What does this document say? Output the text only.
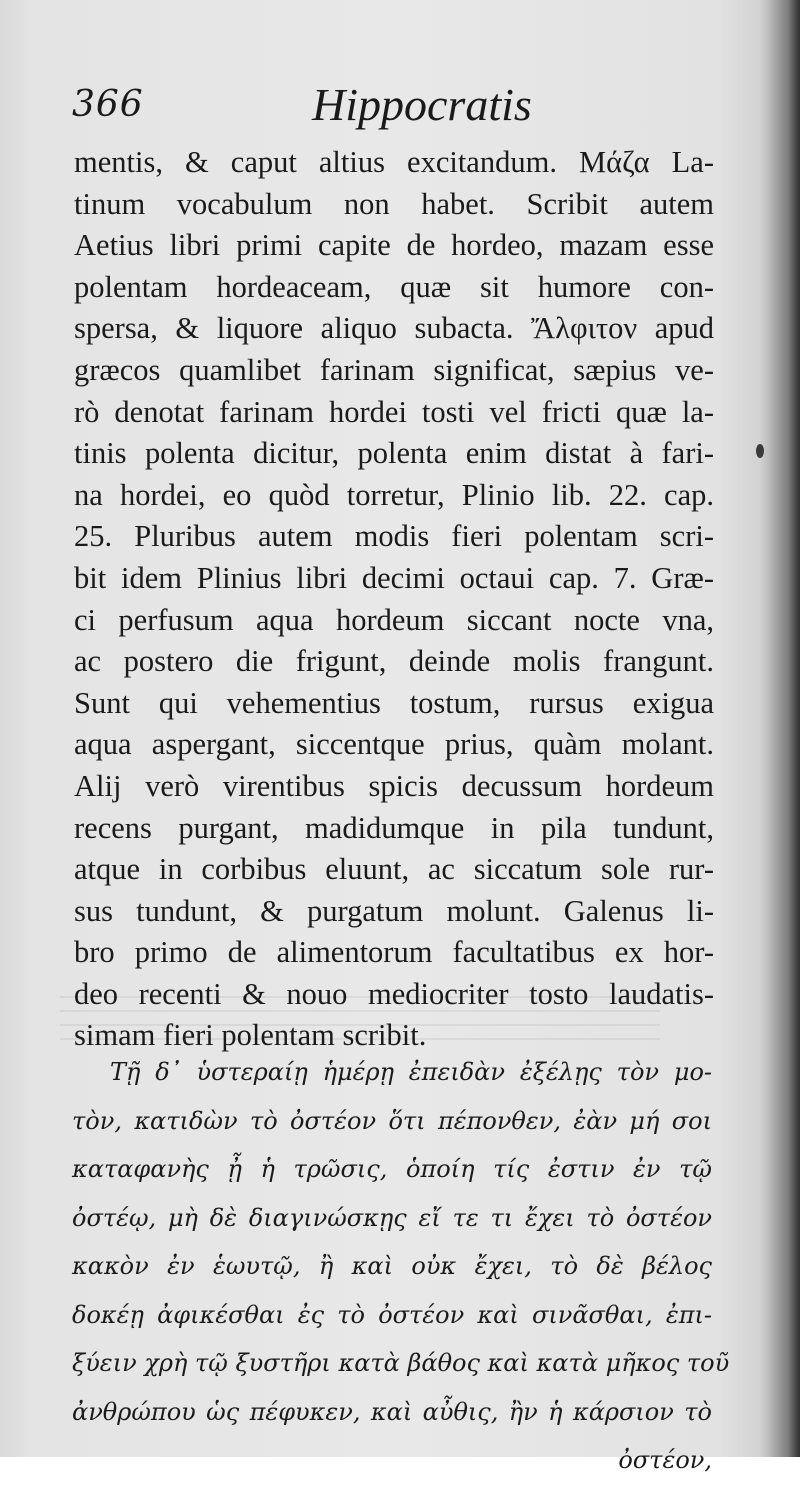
366	Hippocratis
mentis, & caput altius excitandum. Μάζα La-
tinum vocabulum non habet. Scribit autem
Aetius libri primi capite de hordeo, mazam esse
polentam hordeaceam, quæ sit humore con-
spersa, & liquore aliquo subacta. Ἄλφιτον apud
græcos quamlibet farinam significat, sæpius ve-
rò denotat farinam hordei tosti vel fricti quæ la-
tinis polenta dicitur, polenta enim distat à fari-
na hordei, eo quòd torretur, Plinio lib. 22. cap.
25. Pluribus autem modis fieri polentam scri-
bit idem Plinius libri decimi octaui cap. 7. Græ-
ci perfusum aqua hordeum siccant nocte vna,
ac postero die frigunt, deinde molis frangunt.
Sunt qui vehementius tostum, rursus exigua
aqua aspergant, siccentque prius, quàm molant.
Alij verò virentibus spicis decussum hordeum
recens purgant, madidumque in pila tundunt,
atque in corbibus eluunt, ac siccatum sole rur-
sus tundunt, & purgatum molunt. Galenus li-
bro primo de alimentorum facultatibus ex hor-
deo recenti & nouo mediocriter tosto laudatis-
simam fieri polentam scribit.
Τῇ δ᾽ ὑστεραίῃ ἡμέρῃ ἐπειδὰν ἐξέλῃς τὸν μο-
τὸν, κατιδὼν τὸ ὀστέον ὅτι πέπονθεν, ἐὰν μή σοι
καταφανὴς ᾖ ἡ τρῶσις, ὁποίη τίς ἐστιν ἐν τῷ
ὀστέῳ, μὴ δὲ διαγινώσκῃς εἴ τε τι ἔχει τὸ ὀστέον
κακὸν ἐν ἑωυτῷ, ἢ καὶ οὐκ ἔχει, τὸ δὲ βέλος
δοκέῃ ἀφικέσθαι ἐς τὸ ὀστέον καὶ σινᾶσθαι, ἐπι-
ξύειν χρὴ τῷ ξυστῆρι κατὰ βάθος καὶ κατὰ μῆκος τοῦ
ἀνθρώπου ὡς πέφυκεν, καὶ αὖθις, ἢν ἡ κάρσιον τὸ
ὀστέον,
